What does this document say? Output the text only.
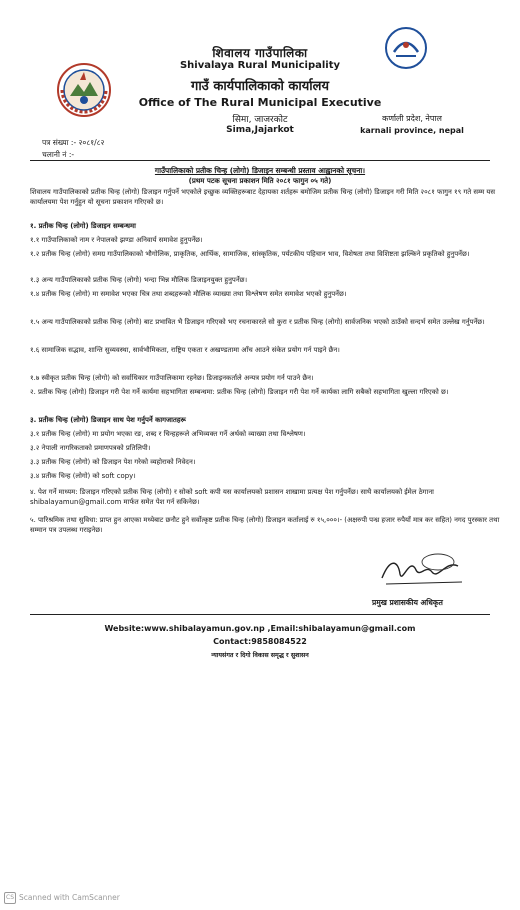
शिवालय गाउँपालिका
Shivalaya Rural Municipality
गाउँ कार्यपालिकाको कार्यालय
Office of The Rural Municipal Executive
सिमा, जाजरकोट
Sima,Jajarkot
कर्णाली प्रदेश, नेपाल
karnali province, nepal
पत्र संख्या :- २०८१/८२
चलानी नं :-
गाउँपालिकाको प्रतीक चिन्ह (लोगो) डिजाइन सम्बन्धी प्रस्ताव आह्वानको सूचना।
(प्रथम पटक सूचना प्रकाशन मिति २०८१ फागुन ०५ गते)
शिवालय गाउँपालिकाको प्रतीक चिन्ह (लोगो) डिजाइन गर्नुपर्ने भएकोले इच्छुक व्यक्तिहरूबाट देहायका शर्तहरू बमोजिम प्रतीक चिन्ह (लोगो) डिजाइन गरी मिति २०८१ फागुन १९ गते सम्म यस कार्यालयमा पेश गर्नुहुन यो सूचना प्रकाशन गरिएको छ।
१. प्रतीक चिन्ह (लोगो) डिजाइन सम्बन्धमा
१.१ गाउँपालिकाको नाम र नेपालको झण्डा अनिवार्य समावेश हुनुपर्नेछ।
१.२ प्रतीक चिन्ह (लोगो) समग्र गाउँपालिकाको भौगोलिक, प्राकृतिक, आर्थिक, सामाजिक, सांस्कृतिक, पर्यटकीय पहिचान भाव, विशेषता तथा विशिष्टता झल्किने प्रकृतिको हुनुपर्नेछ।
१.३ अन्य गाउँपालिकाको प्रतीक चिन्ह (लोगो) भन्दा भिन्न मौलिक डिजाइनयुक्त हुनुपर्नेछ।
१.४ प्रतीक चिन्ह (लोगो) मा समावेश भएका चित्र तथा शब्दहरूको मौलिक व्याख्या तथा विश्लेषण समेत समावेश भएको हुनुपर्नेछ।
१.५ अन्य गाउँपालिकाको प्रतीक चिन्ह (लोगो) बाट प्रभावित भै डिजाइन गरिएको भए रचनाकारले सो कुरा र प्रतीक चिन्ह (लोगो) सार्वजनिक भएको ठाउँको सन्दर्भ समेत उल्लेख गर्नुपर्नेछ।
१.६ सामाजिक सद्भाव, शान्ति सुव्यवस्था, सार्वभौमिकता, राष्ट्रिय एकता र अखण्डतामा आँच आउने संकेत प्रयोग गर्न पाइने छैन।
१.७ स्वीकृत प्रतीक चिन्ह (लोगो) को सर्वाधिकार गाउँपालिकामा रहनेछ। डिजाइनकर्ताले अन्यत्र प्रयोग गर्न पाउने छैन।
२. प्रतीक चिन्ह (लोगो) डिजाइन गरी पेश गर्ने कार्यमा सहभागिता सम्बन्धमा: प्रतीक चिन्ह (लोगो) डिजाइन गरी पेश गर्ने कार्यका लागि सबैको सहभागिता खुल्ला गरिएको छ।
३. प्रतीक चिन्ह (लोगो) डिजाइन साथ पेश गर्नुपर्ने कागजातहरू
३.१ प्रतीक चिन्ह (लोगो) मा प्रयोग भएका रङ, शब्द र चिन्हहरूले अभिव्यक्त गर्ने अर्थको व्याख्या तथा विश्लेषण।
३.२ नेपाली नागरिकताको प्रमाणपत्रको प्रतिलिपी।
३.३ प्रतीक चिन्ह (लोगो) को डिजाइन पेश गरेको व्यहोराको निवेदन।
३.४ प्रतीक चिन्ह (लोगो) को soft copy।
४. पेश गर्ने माध्यम: डिजाइन गरिएको प्रतीक चिन्ह (लोगो) र सोको soft कपी यस कार्यालयको प्रशासन शाखामा प्रत्यक्ष पेश गर्नुपर्नेछ। साथै कार्यालयको ईमेल ठेगाना shibalayamun@gmail.com मार्फत समेत पेश गर्न सकिनेछ।
५. पारिश्रमिक तथा सुविधा: प्राप्त हुन आएका मध्येबाट छनौट हुने सर्वोत्कृष्ट प्रतीक चिन्ह (लोगो) डिजाइन कर्तालाई रु १५,०००।- (अक्षरुपी पन्ध्र हजार रुपैयाँ मात्र कर सहित) नगद पुरस्कार तथा सम्मान पत्र उपलब्ध गराइनेछ।
प्रमुख प्रशासकीय अधिकृत
Website:www.shibalayamun.gov.np ,Email:shibalayamun@gmail.com
Contact:9858084522
न्यायसंगत र दिगो विकास समृद्ध र सुशासन
CS Scanned with CamScanner
